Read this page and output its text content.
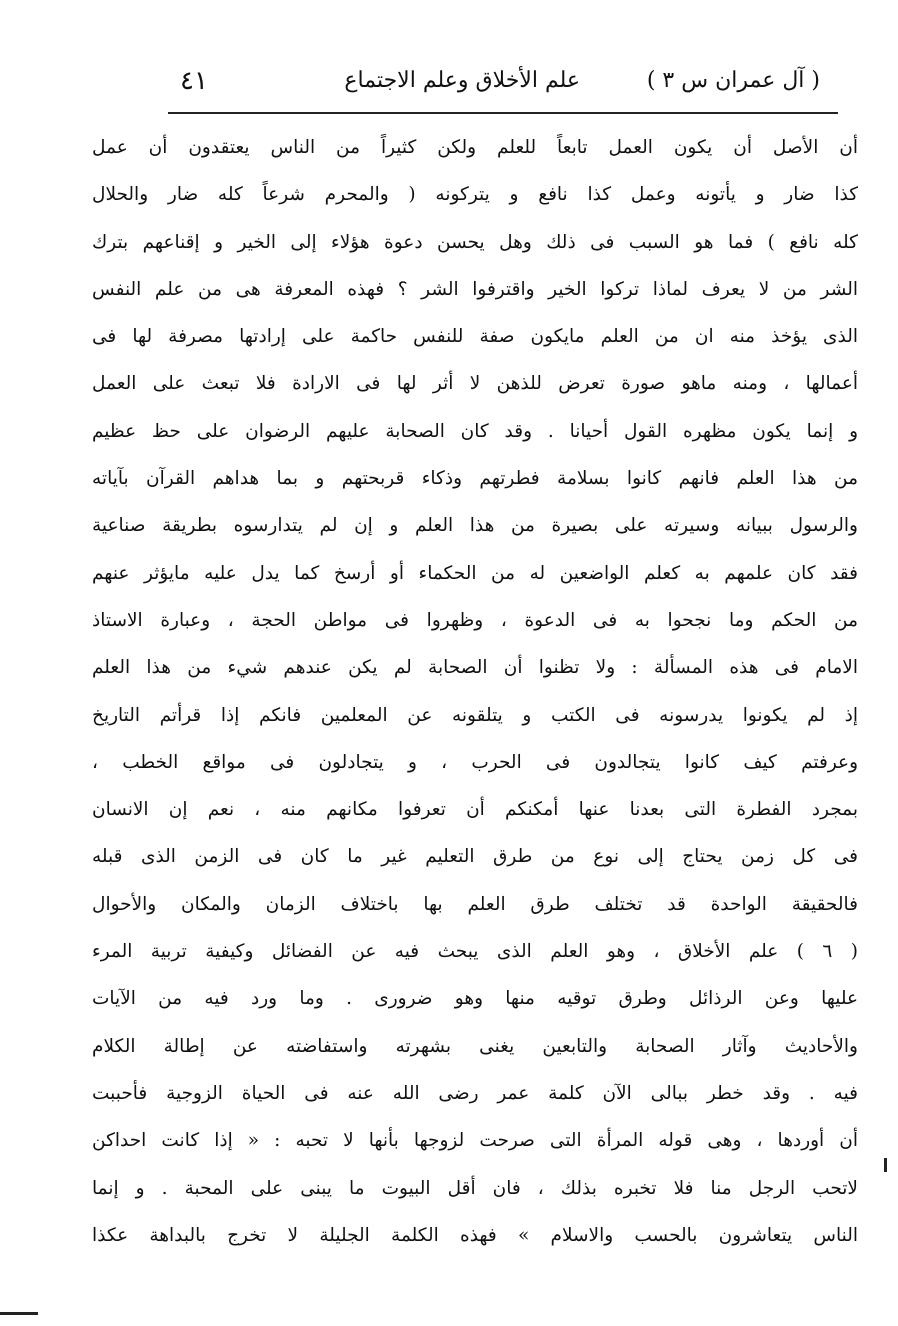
( آل عمران س ٣ )
علم الأخلاق وعلم الاجتماع
٤١
أن الأصل أن يكون العمل تابعاً للعلم ولكن كثيراً من الناس يعتقدون أن عمل
كذا ضار و يأتونه وعمل كذا نافع و يتركونه ( والمحرم شرعاً كله ضار والحلال
كله نافع ) فما هو السبب فى ذلك وهل يحسن دعوة هؤلاء إلى الخير و إقناعهم بترك
الشر من لا يعرف لماذا تركوا الخير واقترفوا الشر ؟ فهذه المعرفة هى من علم النفس
الذى يؤخذ منه ان من العلم مايكون صفة للنفس حاكمة على إرادتها مصرفة لها فى
أعمالها ، ومنه ماهو صورة تعرض للذهن لا أثر لها فى الارادة فلا تبعث على العمل
و إنما يكون مظهره القول أحيانا . وقد كان الصحابة عليهم الرضوان على حظ عظيم
من هذا العلم فانهم كانوا بسلامة فطرتهم وذكاء قربحتهم و بما هداهم القرآن بآياته
والرسول ببيانه وسيرته على بصيرة من هذا العلم و إن لم يتدارسوه بطريقة صناعية
فقد كان علمهم به كعلم الواضعين له من الحكماء أو أرسخ كما يدل عليه مايؤثر عنهم
من الحكم وما نجحوا به فى الدعوة ، وظهروا فى مواطن الحجة ، وعبارة الاستاذ
الامام فى هذه المسألة : ولا تظنوا أن الصحابة لم يكن عندهم شيء من هذا العلم
إذ لم يكونوا يدرسونه فى الكتب و يتلقونه عن المعلمين فانكم إذا قرأتم التاريخ
وعرفتم كيف كانوا يتجالدون فى الحرب ، و يتجادلون فى مواقع الخطب ،
بمجرد الفطرة التى بعدنا عنها أمكنكم أن تعرفوا مكانهم منه ، نعم إن الانسان
فى كل زمن يحتاج إلى نوع من طرق التعليم غير ما كان فى الزمن الذى قبله
فالحقيقة الواحدة قد تختلف طرق العلم بها باختلاف الزمان والمكان والأحوال
( ٦ ) علم الأخلاق ، وهو العلم الذى يبحث فيه عن الفضائل وكيفية تربية المرء
عليها وعن الرذائل وطرق توقيه منها وهو ضرورى . وما ورد فيه من الآيات
والأحاديث وآثار الصحابة والتابعين يغنى بشهرته واستفاضته عن إطالة الكلام
فيه . وقد خطر ببالى الآن كلمة عمر رضى الله عنه فى الحياة الزوجية فأحببت
أن أوردها ، وهى قوله المرأة التى صرحت لزوجها بأنها لا تحبه : « إذا كانت احداكن
لاتحب الرجل منا فلا تخبره بذلك ، فان أقل البيوت ما يبنى على المحبة . و إنما
الناس يتعاشرون بالحسب والاسلام » فهذه الكلمة الجليلة لا تخرج بالبداهة عكذا
